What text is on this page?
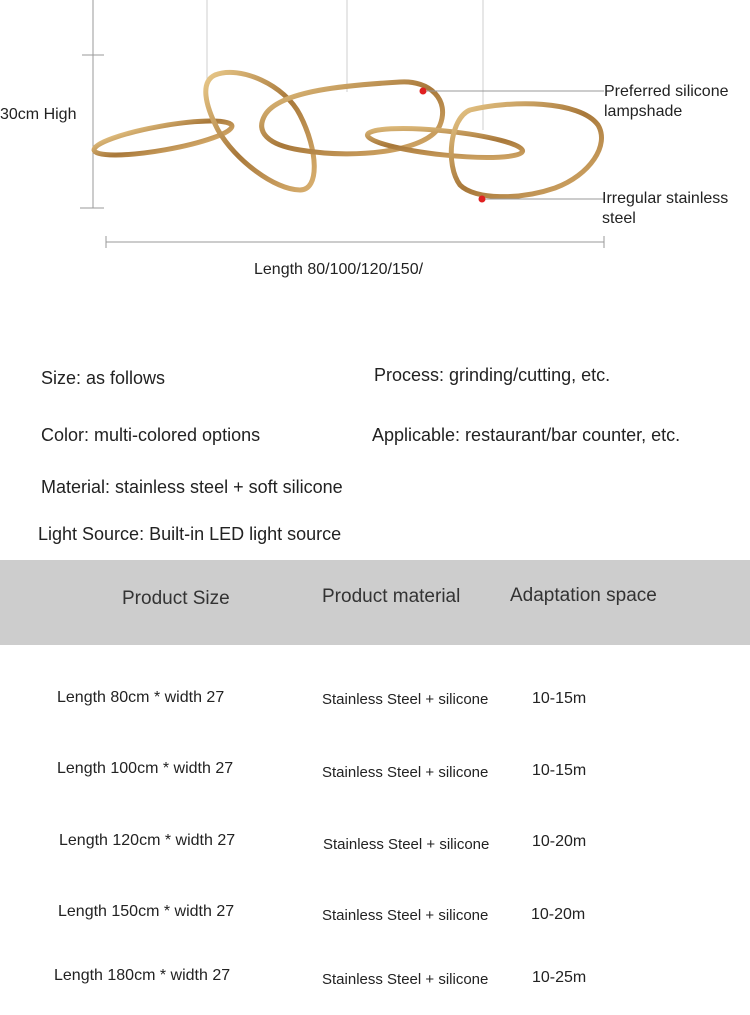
30cm High
Length 80/100/120/150/
Preferred silicone
lampshade
Irregular stainless
steel
Size: as follows	Process: grinding/cutting, etc.
Color: multi-colored options	Applicable: restaurant/bar counter, etc.
Material: stainless steel + soft silicone
Light Source: Built-in LED light source
Product Size	Product material	Adaptation space
Length 80cm * width 27	Stainless Steel + silicone	10-15m
Length 100cm * width 27	Stainless Steel + silicone	10-15m
Length 120cm * width 27	Stainless Steel + silicone	10-20m
Length 150cm * width 27	Stainless Steel + silicone	10-20m
Length 180cm * width 27	Stainless Steel + silicone	10-25m
